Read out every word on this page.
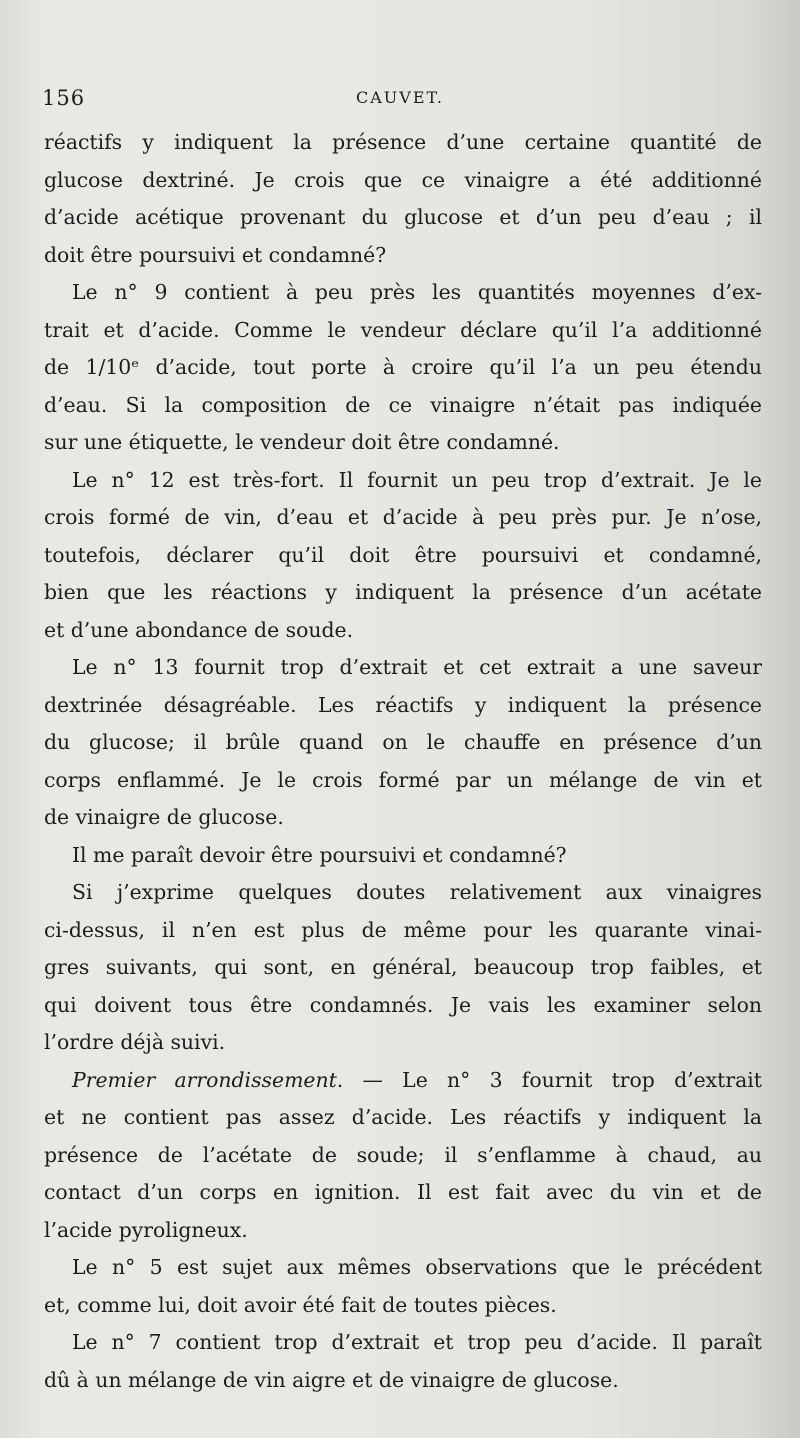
156	CAUVET.
réactifs y indiquent la présence d’une certaine quantité de
glucose dextriné. Je crois que ce vinaigre a été additionné
d’acide acétique provenant du glucose et d’un peu d’eau ; il
doit être poursuivi et condamné?
Le n° 9 contient à peu près les quantités moyennes d’ex-
trait et d’acide. Comme le vendeur déclare qu’il l’a additionné
de 1/10ᵉ d’acide, tout porte à croire qu’il l’a un peu étendu
d’eau. Si la composition de ce vinaigre n’était pas indiquée
sur une étiquette, le vendeur doit être condamné.
Le n° 12 est très-fort. Il fournit un peu trop d’extrait. Je le
crois formé de vin, d’eau et d’acide à peu près pur. Je n’ose,
toutefois, déclarer qu’il doit être poursuivi et condamné,
bien que les réactions y indiquent la présence d’un acétate
et d’une abondance de soude.
Le n° 13 fournit trop d’extrait et cet extrait a une saveur
dextrinée désagréable. Les réactifs y indiquent la présence
du glucose; il brûle quand on le chauffe en présence d’un
corps enflammé. Je le crois formé par un mélange de vin et
de vinaigre de glucose.
Il me paraît devoir être poursuivi et condamné?
Si j’exprime quelques doutes relativement aux vinaigres
ci-dessus, il n’en est plus de même pour les quarante vinai-
gres suivants, qui sont, en général, beaucoup trop faibles, et
qui doivent tous être condamnés. Je vais les examiner selon
l’ordre déjà suivi.
Premier arrondissement. — Le n° 3 fournit trop d’extrait
et ne contient pas assez d’acide. Les réactifs y indiquent la
présence de l’acétate de soude; il s’enflamme à chaud, au
contact d’un corps en ignition. Il est fait avec du vin et de
l’acide pyroligneux.
Le n° 5 est sujet aux mêmes observations que le précédent
et, comme lui, doit avoir été fait de toutes pièces.
Le n° 7 contient trop d’extrait et trop peu d’acide. Il paraît
dû à un mélange de vin aigre et de vinaigre de glucose.
